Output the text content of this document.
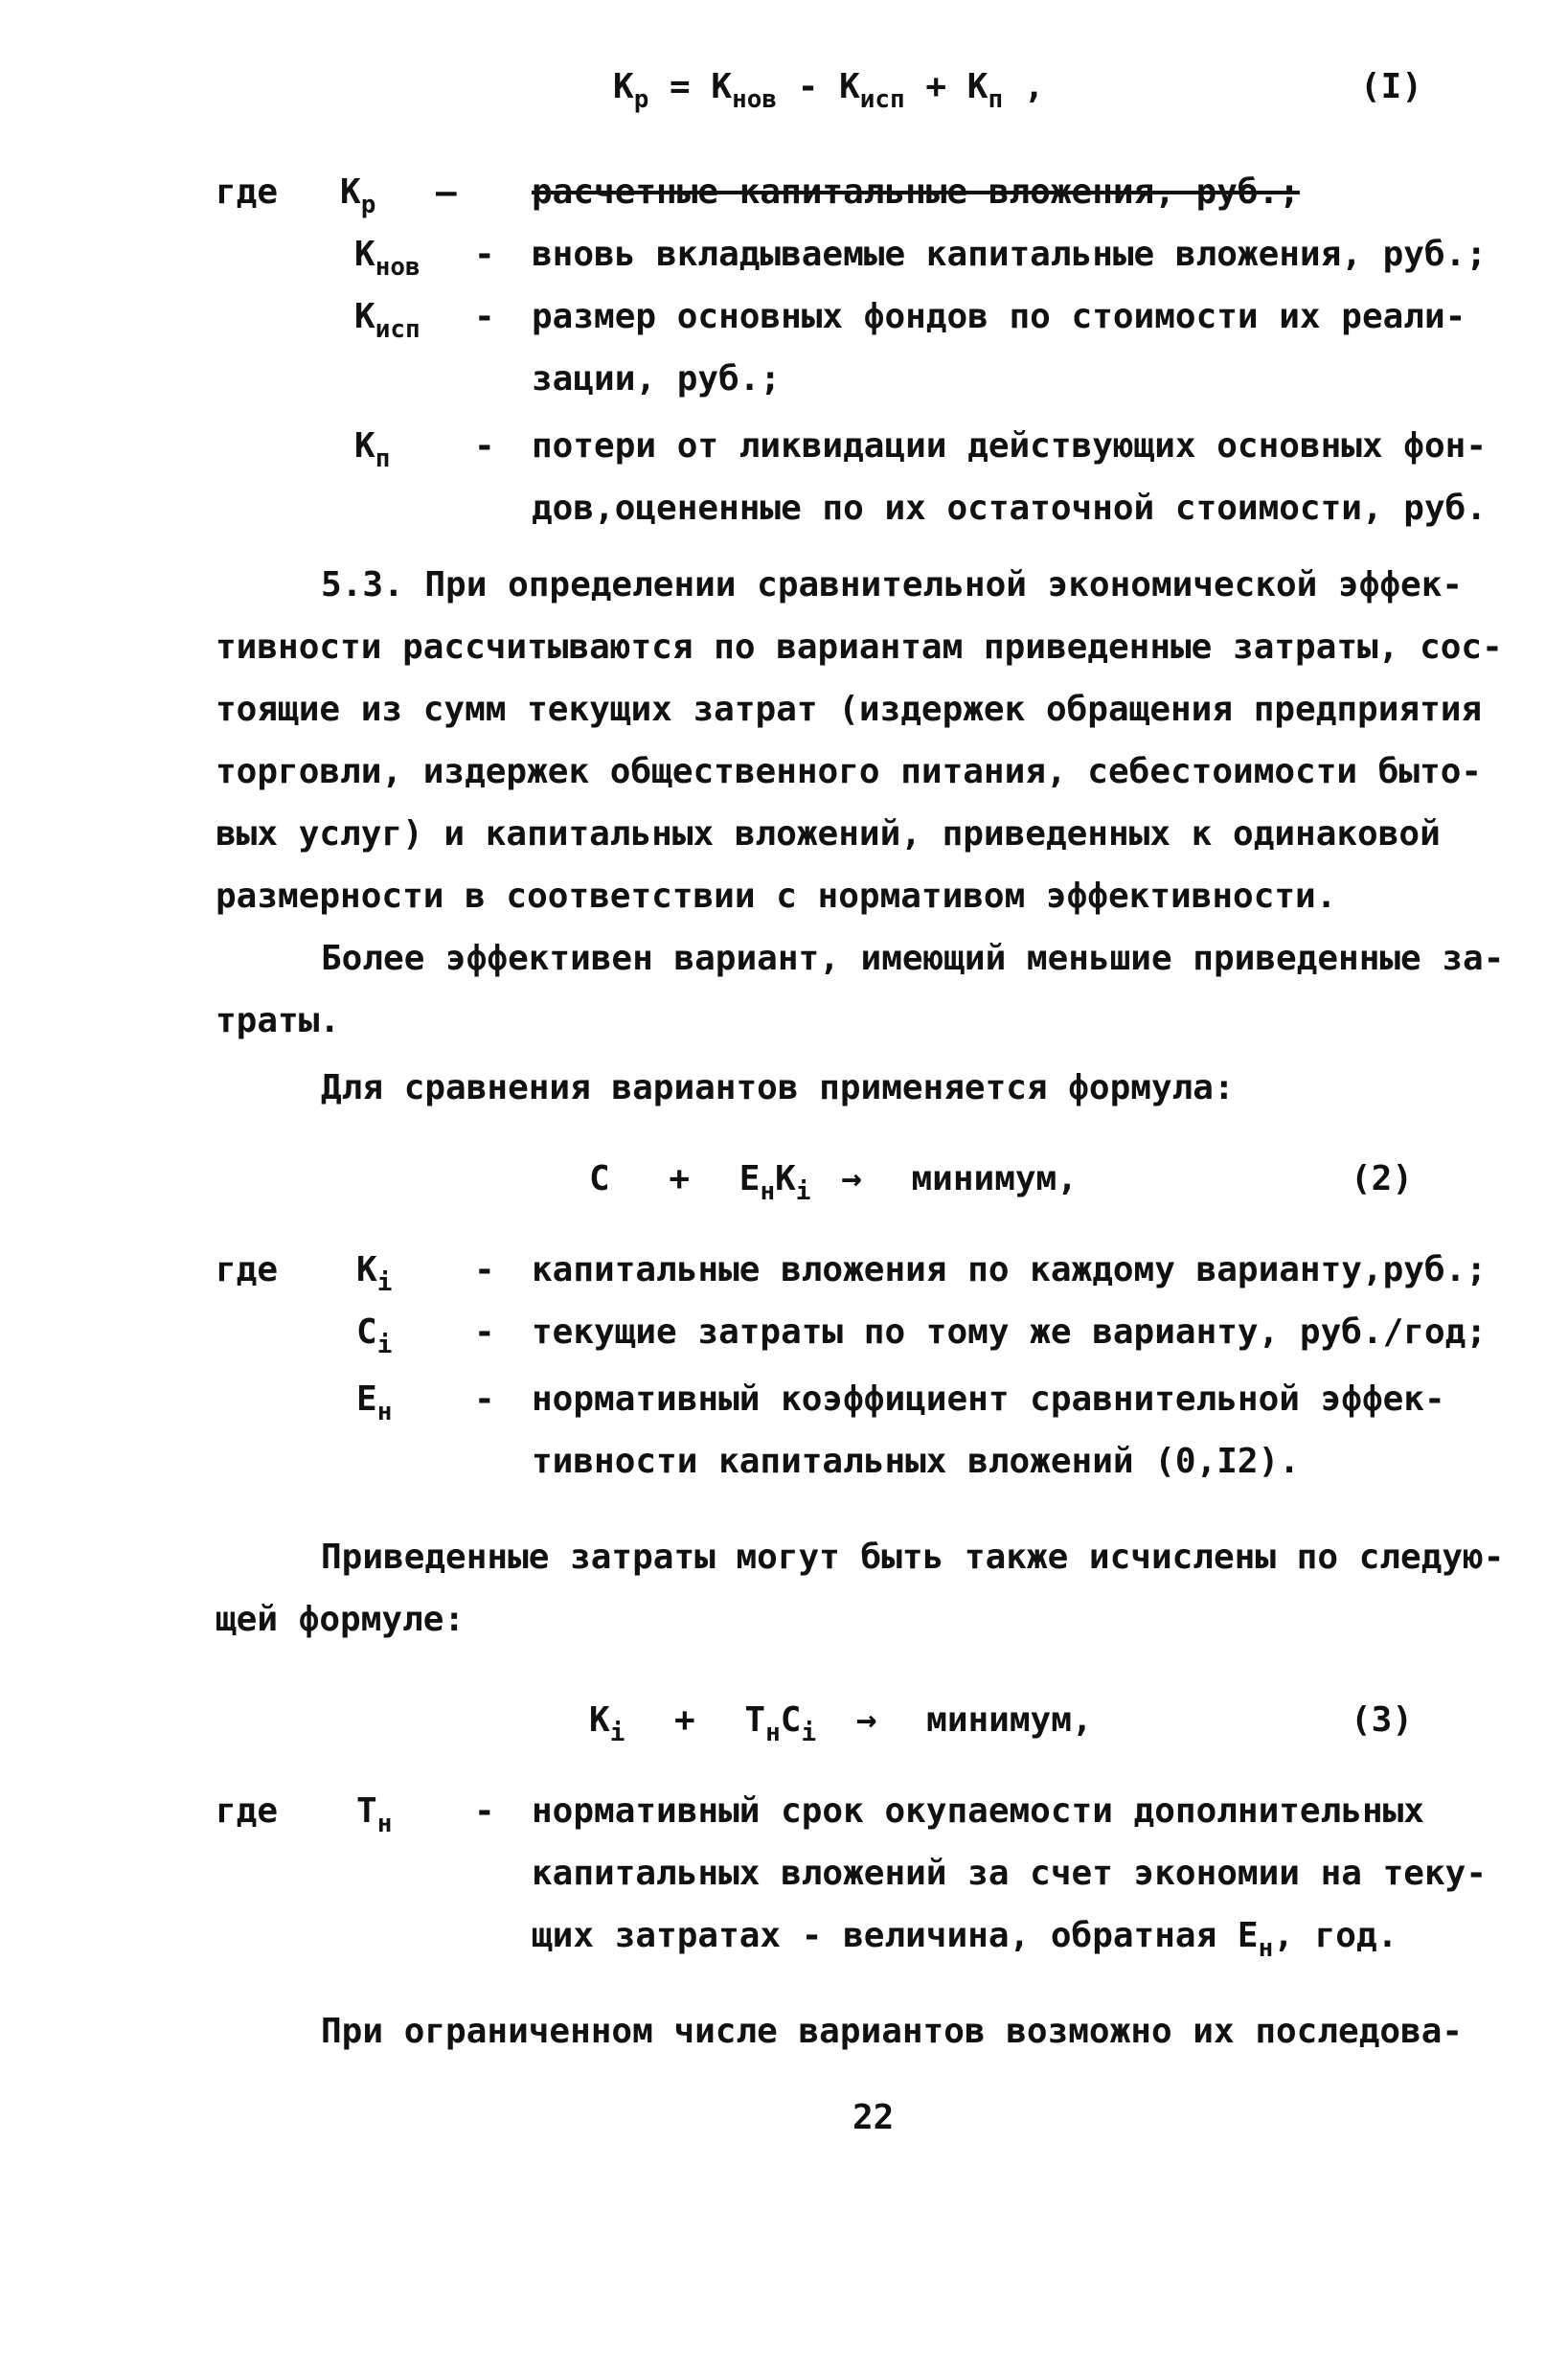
$К_р = К_{нов} - К_{исп} + К_п$ ,	(I)
где $К_р$ – расчетные капитальные вложения, руб.;
$К_{нов}$ - вновь вкладываемые капитальные вложения, руб.;
$К_{исп}$ - размер основных фондов по стоимости их реали-
зации, руб.;
$К_п$ - потери от ликвидации действующих основных фон-
дов,оцененные по их остаточной стоимости, руб.
5.3. При определении сравнительной экономической эффек-
тивности рассчитываются по вариантам приведенные затраты, сос-
тоящие из сумм текущих затрат (издержек обращения предприятия
торговли, издержек общественного питания, себестоимости быто-
вых услуг) и капитальных вложений, приведенных к одинаковой
размерности в соответствии с нормативом эффективности.
Более эффективен вариант, имеющий меньшие приведенные за-
траты.
Для сравнения вариантов применяется формула:
$С + Е_нК_i$ → минимум,	(2)
где $К_i$ - капитальные вложения по каждому варианту,руб.;
$С_i$ - текущие затраты по тому же варианту, руб./год;
$Е_н$ - нормативный коэффициент сравнительной эффек-
тивности капитальных вложений (0,I2).
Приведенные затраты могут быть также исчислены по следую-
щей формуле:
$К_i + Т_нС_i$ → минимум,	(3)
где $Т_н$ - нормативный срок окупаемости дополнительных
капитальных вложений за счет экономии на теку-
щих затратах - величина, обратная $Е_н$, год.
При ограниченном числе вариантов возможно их последова-
22
